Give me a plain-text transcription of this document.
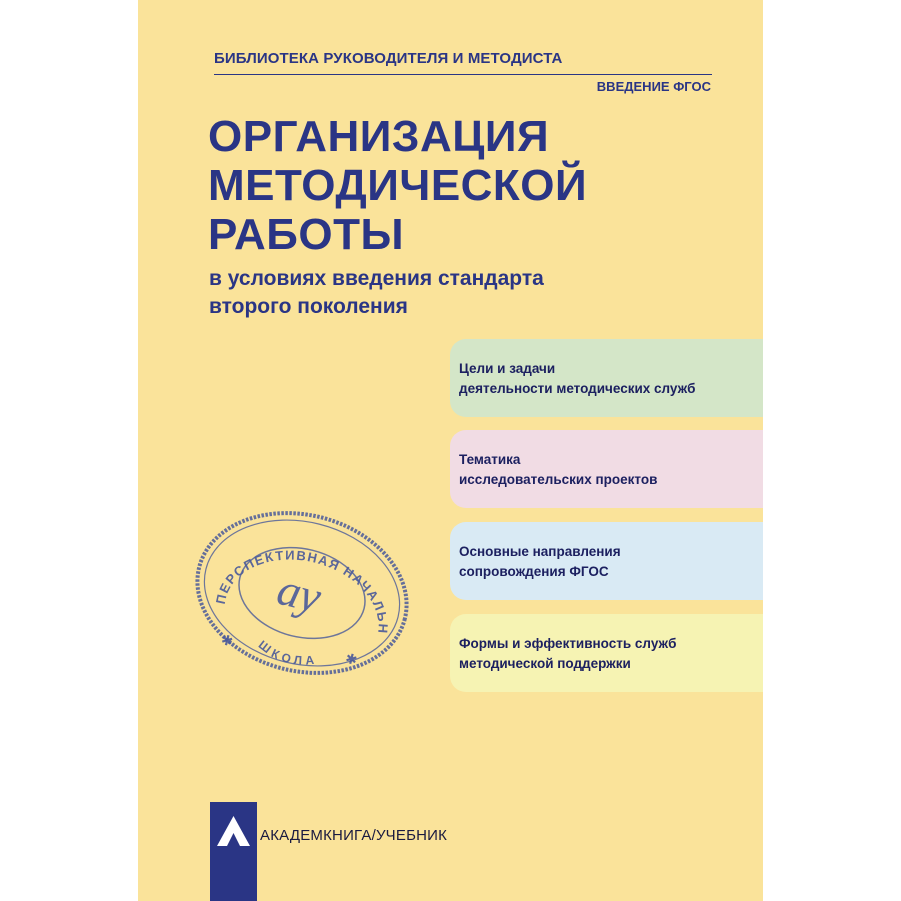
БИБЛИОТЕКА РУКОВОДИТЕЛЯ И МЕТОДИСТА
ВВЕДЕНИЕ ФГОС
ОРГАНИЗАЦИЯ
МЕТОДИЧЕСКОЙ
РАБОТЫ
в условиях введения стандарта
второго поколения
Цели и задачи
деятельности методических служб
Тематика
исследовательских проектов
Основные направления
сопровождения ФГОС
Формы и эффективность служб
методической поддержки
ПЕРСПЕКТИВНАЯ НАЧАЛЬНАЯ
ШКОЛА
✱
✱
ау
АКАДЕМКНИГА/УЧЕБНИК
